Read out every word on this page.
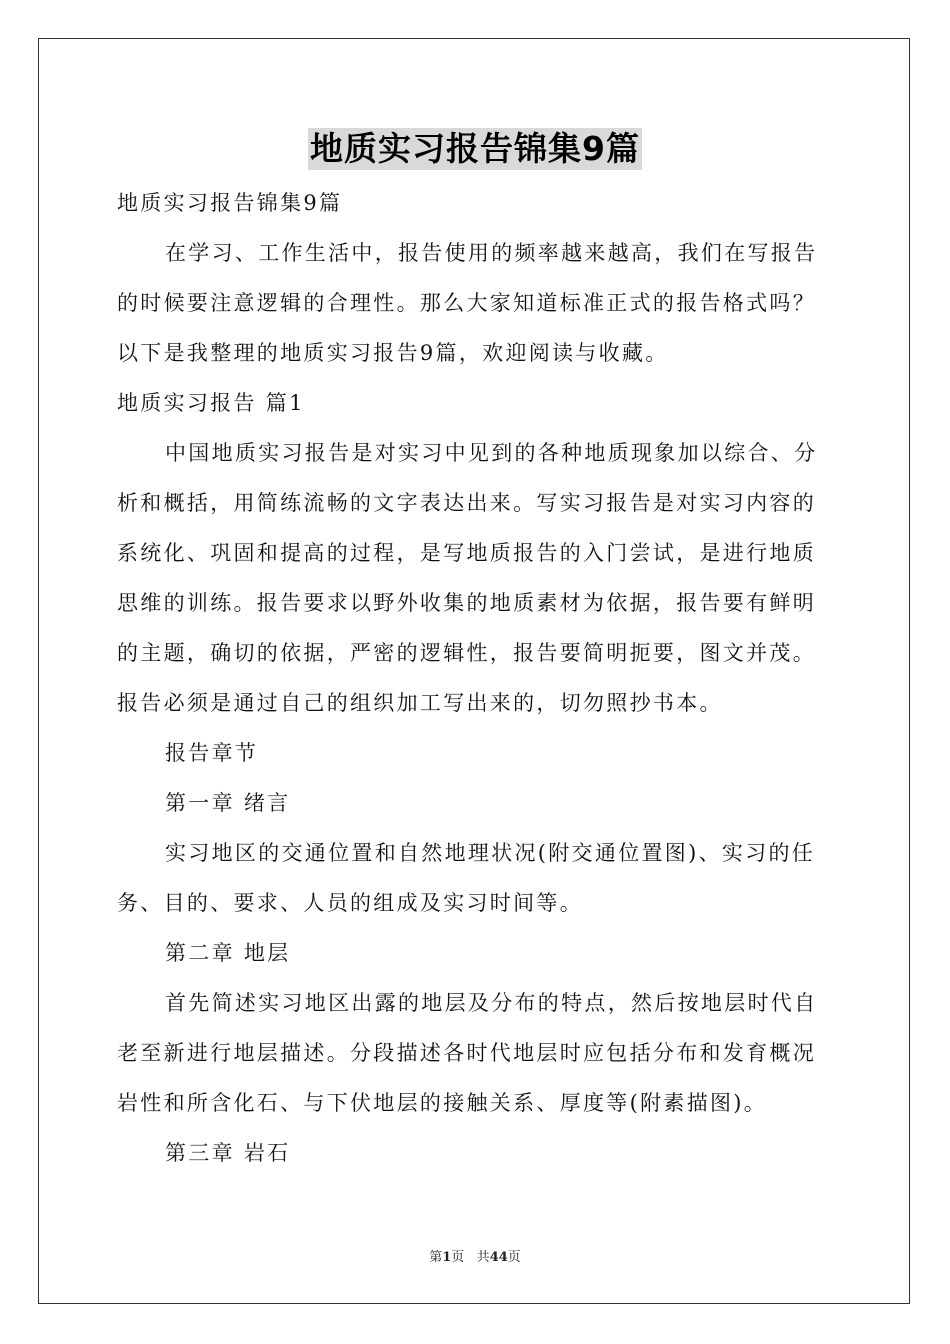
地质实习报告锦集9篇

地质实习报告锦集9篇

在学习、工作生活中，报告使用的频率越来越高，我们在写报告的时候要注意逻辑的合理性。那么大家知道标准正式的报告格式吗？以下是我整理的地质实习报告9篇，欢迎阅读与收藏。

地质实习报告 篇1

中国地质实习报告是对实习中见到的各种地质现象加以综合、分析和概括，用简练流畅的文字表达出来。写实习报告是对实习内容的系统化、巩固和提高的过程，是写地质报告的入门尝试，是进行地质思维的训练。报告要求以野外收集的地质素材为依据，报告要有鲜明的主题，确切的依据，严密的逻辑性，报告要简明扼要，图文并茂。报告必须是通过自己的组织加工写出来的，切勿照抄书本。

报告章节

第一章 绪言

实习地区的交通位置和自然地理状况(附交通位置图)、实习的任务、目的、要求、人员的组成及实习时间等。

第二章 地层

首先简述实习地区出露的地层及分布的特点，然后按地层时代自老至新进行地层描述。分段描述各时代地层时应包括分布和发育概况岩性和所含化石、与下伏地层的接触关系、厚度等(附素描图)。

第三章 岩石

第1页 共44页
